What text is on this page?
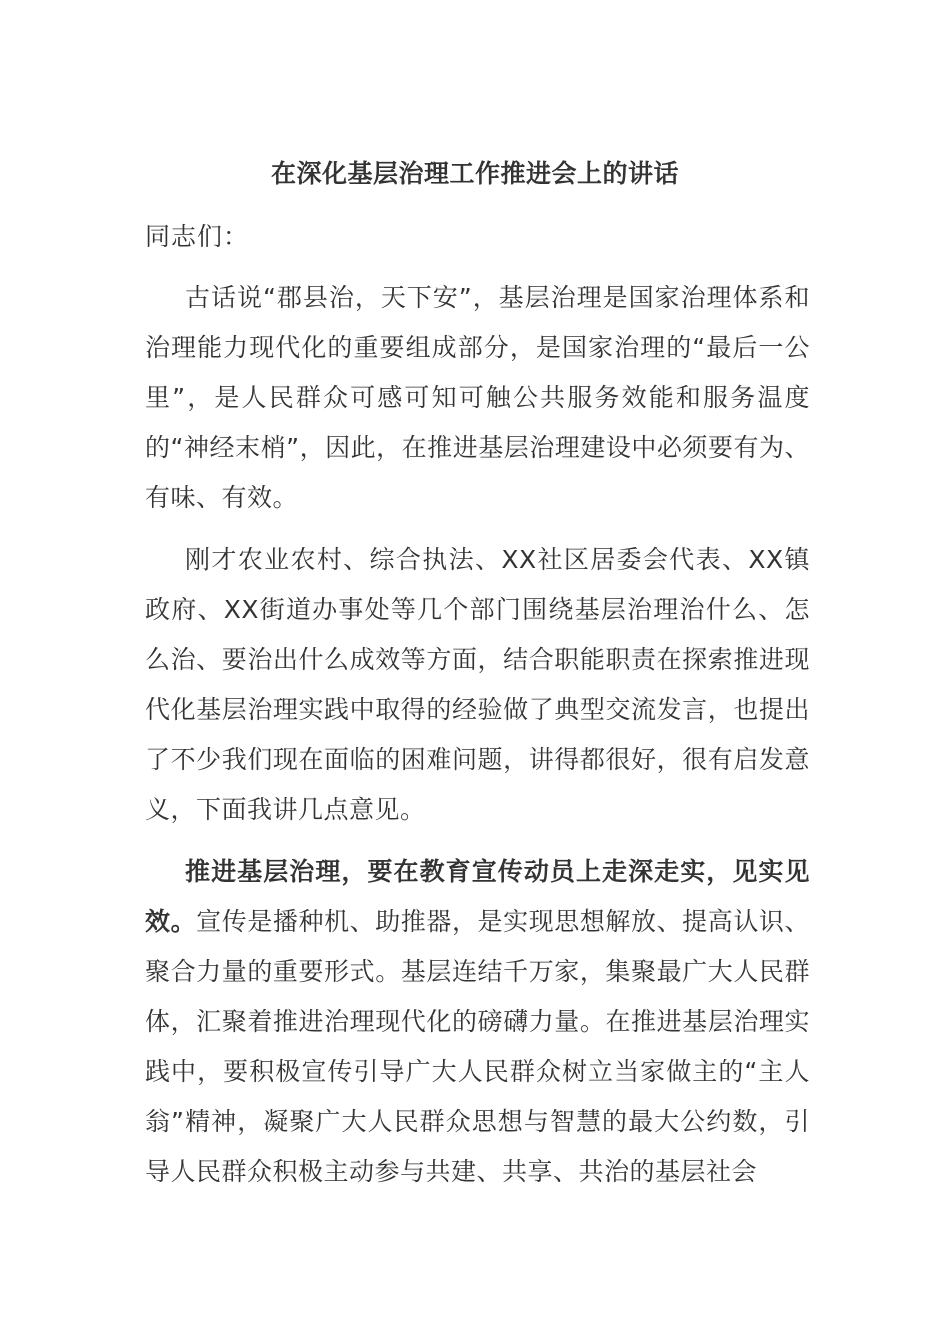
在深化基层治理工作推进会上的讲话
同志们：

古话说“郡县治，天下安”，基层治理是国家治理体系和治理能力现代化的重要组成部分，是国家治理的“最后一公里”，是人民群众可感可知可触公共服务效能和服务温度的“神经末梢”，因此，在推进基层治理建设中必须要有为、有味、有效。

刚才农业农村、综合执法、XX社区居委会代表、XX镇政府、XX街道办事处等几个部门围绕基层治理治什么、怎么治、要治出什么成效等方面，结合职能职责在探索推进现代化基层治理实践中取得的经验做了典型交流发言，也提出了不少我们现在面临的困难问题，讲得都很好，很有启发意义，下面我讲几点意见。

推进基层治理，要在教育宣传动员上走深走实，见实见效。宣传是播种机、助推器，是实现思想解放、提高认识、聚合力量的重要形式。基层连结千万家，集聚最广大人民群体，汇聚着推进治理现代化的磅礴力量。在推进基层治理实践中，要积极宣传引导广大人民群众树立当家做主的“主人翁”精神，凝聚广大人民群众思想与智慧的最大公约数，引导人民群众积极主动参与共建、共享、共治的基层社会
